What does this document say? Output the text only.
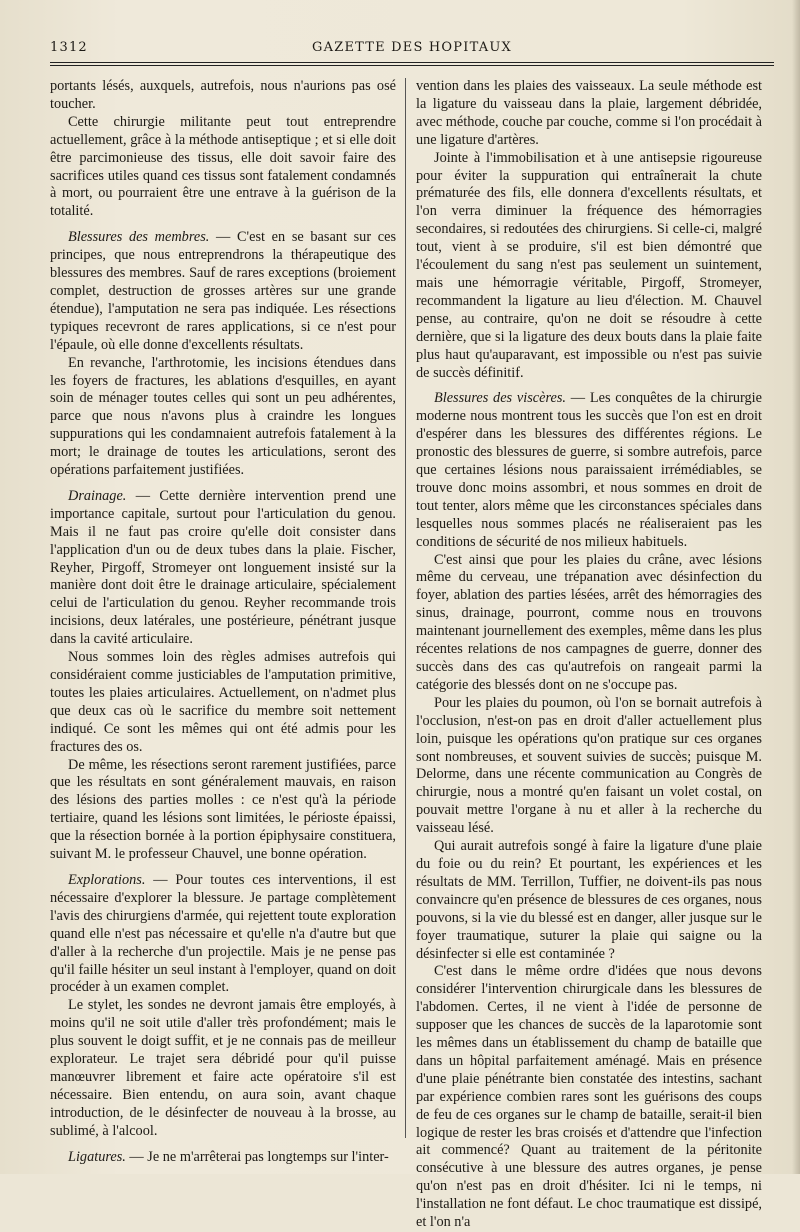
1312	GAZETTE DES HOPITAUX

portants lésés, auxquels, autrefois, nous n'aurions pas osé toucher.

Cette chirurgie militante peut tout entreprendre actuellement, grâce à la méthode antiseptique ; et si elle doit être parcimonieuse des tissus, elle doit savoir faire des sacrifices utiles quand ces tissus sont fatalement condamnés à mort, ou pourraient être une entrave à la guérison de la totalité.

Blessures des membres. — C'est en se basant sur ces principes, que nous entreprendrons la thérapeutique des blessures des membres. Sauf de rares exceptions (broiement complet, destruction de grosses artères sur une grande étendue), l'amputation ne sera pas indiquée. Les résections typiques recevront de rares applications, si ce n'est pour l'épaule, où elle donne d'excellents résultats.

En revanche, l'arthrotomie, les incisions étendues dans les foyers de fractures, les ablations d'esquilles, en ayant soin de ménager toutes celles qui sont un peu adhérentes, parce que nous n'avons plus à craindre les longues suppurations qui les condamnaient autrefois fatalement à la mort; le drainage de toutes les articulations, seront des opérations parfaitement justifiées.

Drainage. — Cette dernière intervention prend une importance capitale, surtout pour l'articulation du genou. Mais il ne faut pas croire qu'elle doit consister dans l'application d'un ou de deux tubes dans la plaie. Fischer, Reyher, Pirgoff, Stromeyer ont longuement insisté sur la manière dont doit être le drainage articulaire, spécialement celui de l'articulation du genou. Reyher recommande trois incisions, deux latérales, une postérieure, pénétrant jusque dans la cavité articulaire.

Nous sommes loin des règles admises autrefois qui considéraient comme justiciables de l'amputation primitive, toutes les plaies articulaires. Actuellement, on n'admet plus que deux cas où le sacrifice du membre soit nettement indiqué. Ce sont les mêmes qui ont été admis pour les fractures des os.

De même, les résections seront rarement justifiées, parce que les résultats en sont généralement mauvais, en raison des lésions des parties molles : ce n'est qu'à la période tertiaire, quand les lésions sont limitées, le périoste épaissi, que la résection bornée à la portion épiphysaire constituera, suivant M. le professeur Chauvel, une bonne opération.

Explorations. — Pour toutes ces interventions, il est nécessaire d'explorer la blessure. Je partage complètement l'avis des chirurgiens d'armée, qui rejettent toute exploration quand elle n'est pas nécessaire et qu'elle n'a d'autre but que d'aller à la recherche d'un projectile. Mais je ne pense pas qu'il faille hésiter un seul instant à l'employer, quand on doit procéder à un examen complet.

Le stylet, les sondes ne devront jamais être employés, à moins qu'il ne soit utile d'aller très profondément; mais le plus souvent le doigt suffit, et je ne connais pas de meilleur explorateur. Le trajet sera débridé pour qu'il puisse manœuvrer librement et faire acte opératoire s'il est nécessaire. Bien entendu, on aura soin, avant chaque introduction, de le désinfecter de nouveau à la brosse, au sublimé, à l'alcool.

Ligatures. — Je ne m'arrêterai pas longtemps sur l'inter-

vention dans les plaies des vaisseaux. La seule méthode est la ligature du vaisseau dans la plaie, largement débridée, avec méthode, couche par couche, comme si l'on procédait à une ligature d'artères.

Jointe à l'immobilisation et à une antisepsie rigoureuse pour éviter la suppuration qui entraînerait la chute prématurée des fils, elle donnera d'excellents résultats, et l'on verra diminuer la fréquence des hémorragies secondaires, si redoutées des chirurgiens. Si celle-ci, malgré tout, vient à se produire, s'il est bien démontré que l'écoulement du sang n'est pas seulement un suintement, mais une hémorragie véritable, Pirgoff, Stromeyer, recommandent la ligature au lieu d'élection. M. Chauvel pense, au contraire, qu'on ne doit se résoudre à cette dernière, que si la ligature des deux bouts dans la plaie faite plus haut qu'auparavant, est impossible ou n'est pas suivie de succès définitif.

Blessures des viscères. — Les conquêtes de la chirurgie moderne nous montrent tous les succès que l'on est en droit d'espérer dans les blessures des différentes régions. Le pronostic des blessures de guerre, si sombre autrefois, parce que certaines lésions nous paraissaient irrémédiables, se trouve donc moins assombri, et nous sommes en droit de tout tenter, alors même que les circonstances spéciales dans lesquelles nous sommes placés ne réaliseraient pas les conditions de sécurité de nos milieux habituels.

C'est ainsi que pour les plaies du crâne, avec lésions même du cerveau, une trépanation avec désinfection du foyer, ablation des parties lésées, arrêt des hémorragies des sinus, drainage, pourront, comme nous en trouvons maintenant journellement des exemples, même dans les plus récentes relations de nos campagnes de guerre, donner des succès dans des cas qu'autrefois on rangeait parmi la catégorie des blessés dont on ne s'occupe pas.

Pour les plaies du poumon, où l'on se bornait autrefois à l'occlusion, n'est-on pas en droit d'aller actuellement plus loin, puisque les opérations qu'on pratique sur ces organes sont nombreuses, et souvent suivies de succès; puisque M. Delorme, dans une récente communication au Congrès de chirurgie, nous a montré qu'en faisant un volet costal, on pouvait mettre l'organe à nu et aller à la recherche du vaisseau lésé.

Qui aurait autrefois songé à faire la ligature d'une plaie du foie ou du rein? Et pourtant, les expériences et les résultats de MM. Terrillon, Tuffier, ne doivent-ils pas nous convaincre qu'en présence de blessures de ces organes, nous pouvons, si la vie du blessé est en danger, aller jusque sur le foyer traumatique, suturer la plaie qui saigne ou la désinfecter si elle est contaminée ?

C'est dans le même ordre d'idées que nous devons considérer l'intervention chirurgicale dans les blessures de l'abdomen. Certes, il ne vient à l'idée de personne de supposer que les chances de succès de la laparotomie sont les mêmes dans un établissement du champ de bataille que dans un hôpital parfaitement aménagé. Mais en présence d'une plaie pénétrante bien constatée des intestins, sachant par expérience combien rares sont les guérisons des coups de feu de ces organes sur le champ de bataille, serait-il bien logique de rester les bras croisés et d'attendre que l'infection ait commencé? Quant au traitement de la péritonite consécutive à une blessure des autres organes, je pense qu'on n'est pas en droit d'hésiter. Ici ni le temps, ni l'installation ne font défaut. Le choc traumatique est dissipé, et l'on n'a
